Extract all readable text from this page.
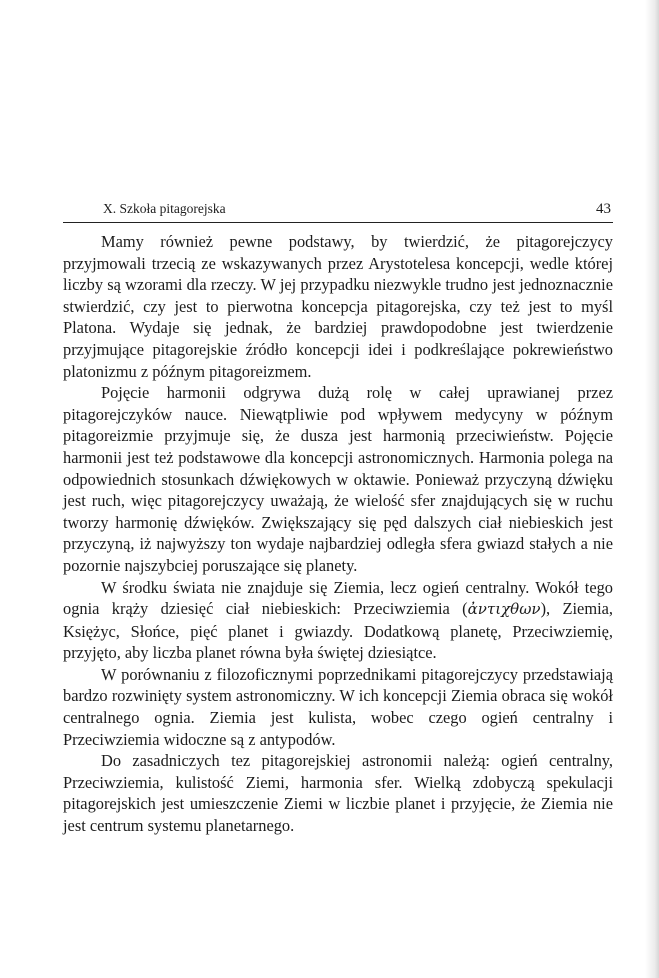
X. Szkoła pitagorejska	43

Mamy również pewne podstawy, by twierdzić, że pitagorejczycy przyjmowali trzecią ze wskazywanych przez Arystotelesa koncepcji, wedle której liczby są wzorami dla rzeczy. W jej przypadku niezwykle trudno jest jednoznacznie stwierdzić, czy jest to pierwotna koncepcja pitagorejska, czy też jest to myśl Platona. Wydaje się jednak, że bardziej prawdopodobne jest twierdzenie przyjmujące pitagorejskie źródło koncepcji idei i podkreślające pokrewieństwo platonizmu z późnym pitagoreizmem.

Pojęcie harmonii odgrywa dużą rolę w całej uprawianej przez pitagorejczyków nauce. Niewątpliwie pod wpływem medycyny w późnym pitagoreizmie przyjmuje się, że dusza jest harmonią przeciwieństw. Pojęcie harmonii jest też podstawowe dla koncepcji astronomicznych. Harmonia polega na odpowiednich stosunkach dźwiękowych w oktawie. Ponieważ przyczyną dźwięku jest ruch, więc pitagorejczycy uważają, że wielość sfer znajdujących się w ruchu tworzy harmonię dźwięków. Zwiększający się pęd dalszych ciał niebieskich jest przyczyną, iż najwyższy ton wydaje najbardziej odległa sfera gwiazd stałych a nie pozornie najszybciej poruszające się planety.

W środku świata nie znajduje się Ziemia, lecz ogień centralny. Wokół tego ognia krąży dziesięć ciał niebieskich: Przeciwziemia (ἀντιχθων), Ziemia, Księżyc, Słońce, pięć planet i gwiazdy. Dodatkową planetę, Przeciwziemię, przyjęto, aby liczba planet równa była świętej dziesiątce.

W porównaniu z filozoficznymi poprzednikami pitagorejczycy przedstawiają bardzo rozwinięty system astronomiczny. W ich koncepcji Ziemia obraca się wokół centralnego ognia. Ziemia jest kulista, wobec czego ogień centralny i Przeciwziemia widoczne są z antypodów.

Do zasadniczych tez pitagorejskiej astronomii należą: ogień centralny, Przeciwziemia, kulistość Ziemi, harmonia sfer. Wielką zdobyczą spekulacji pitagorejskich jest umieszczenie Ziemi w liczbie planet i przyjęcie, że Ziemia nie jest centrum systemu planetarnego.
